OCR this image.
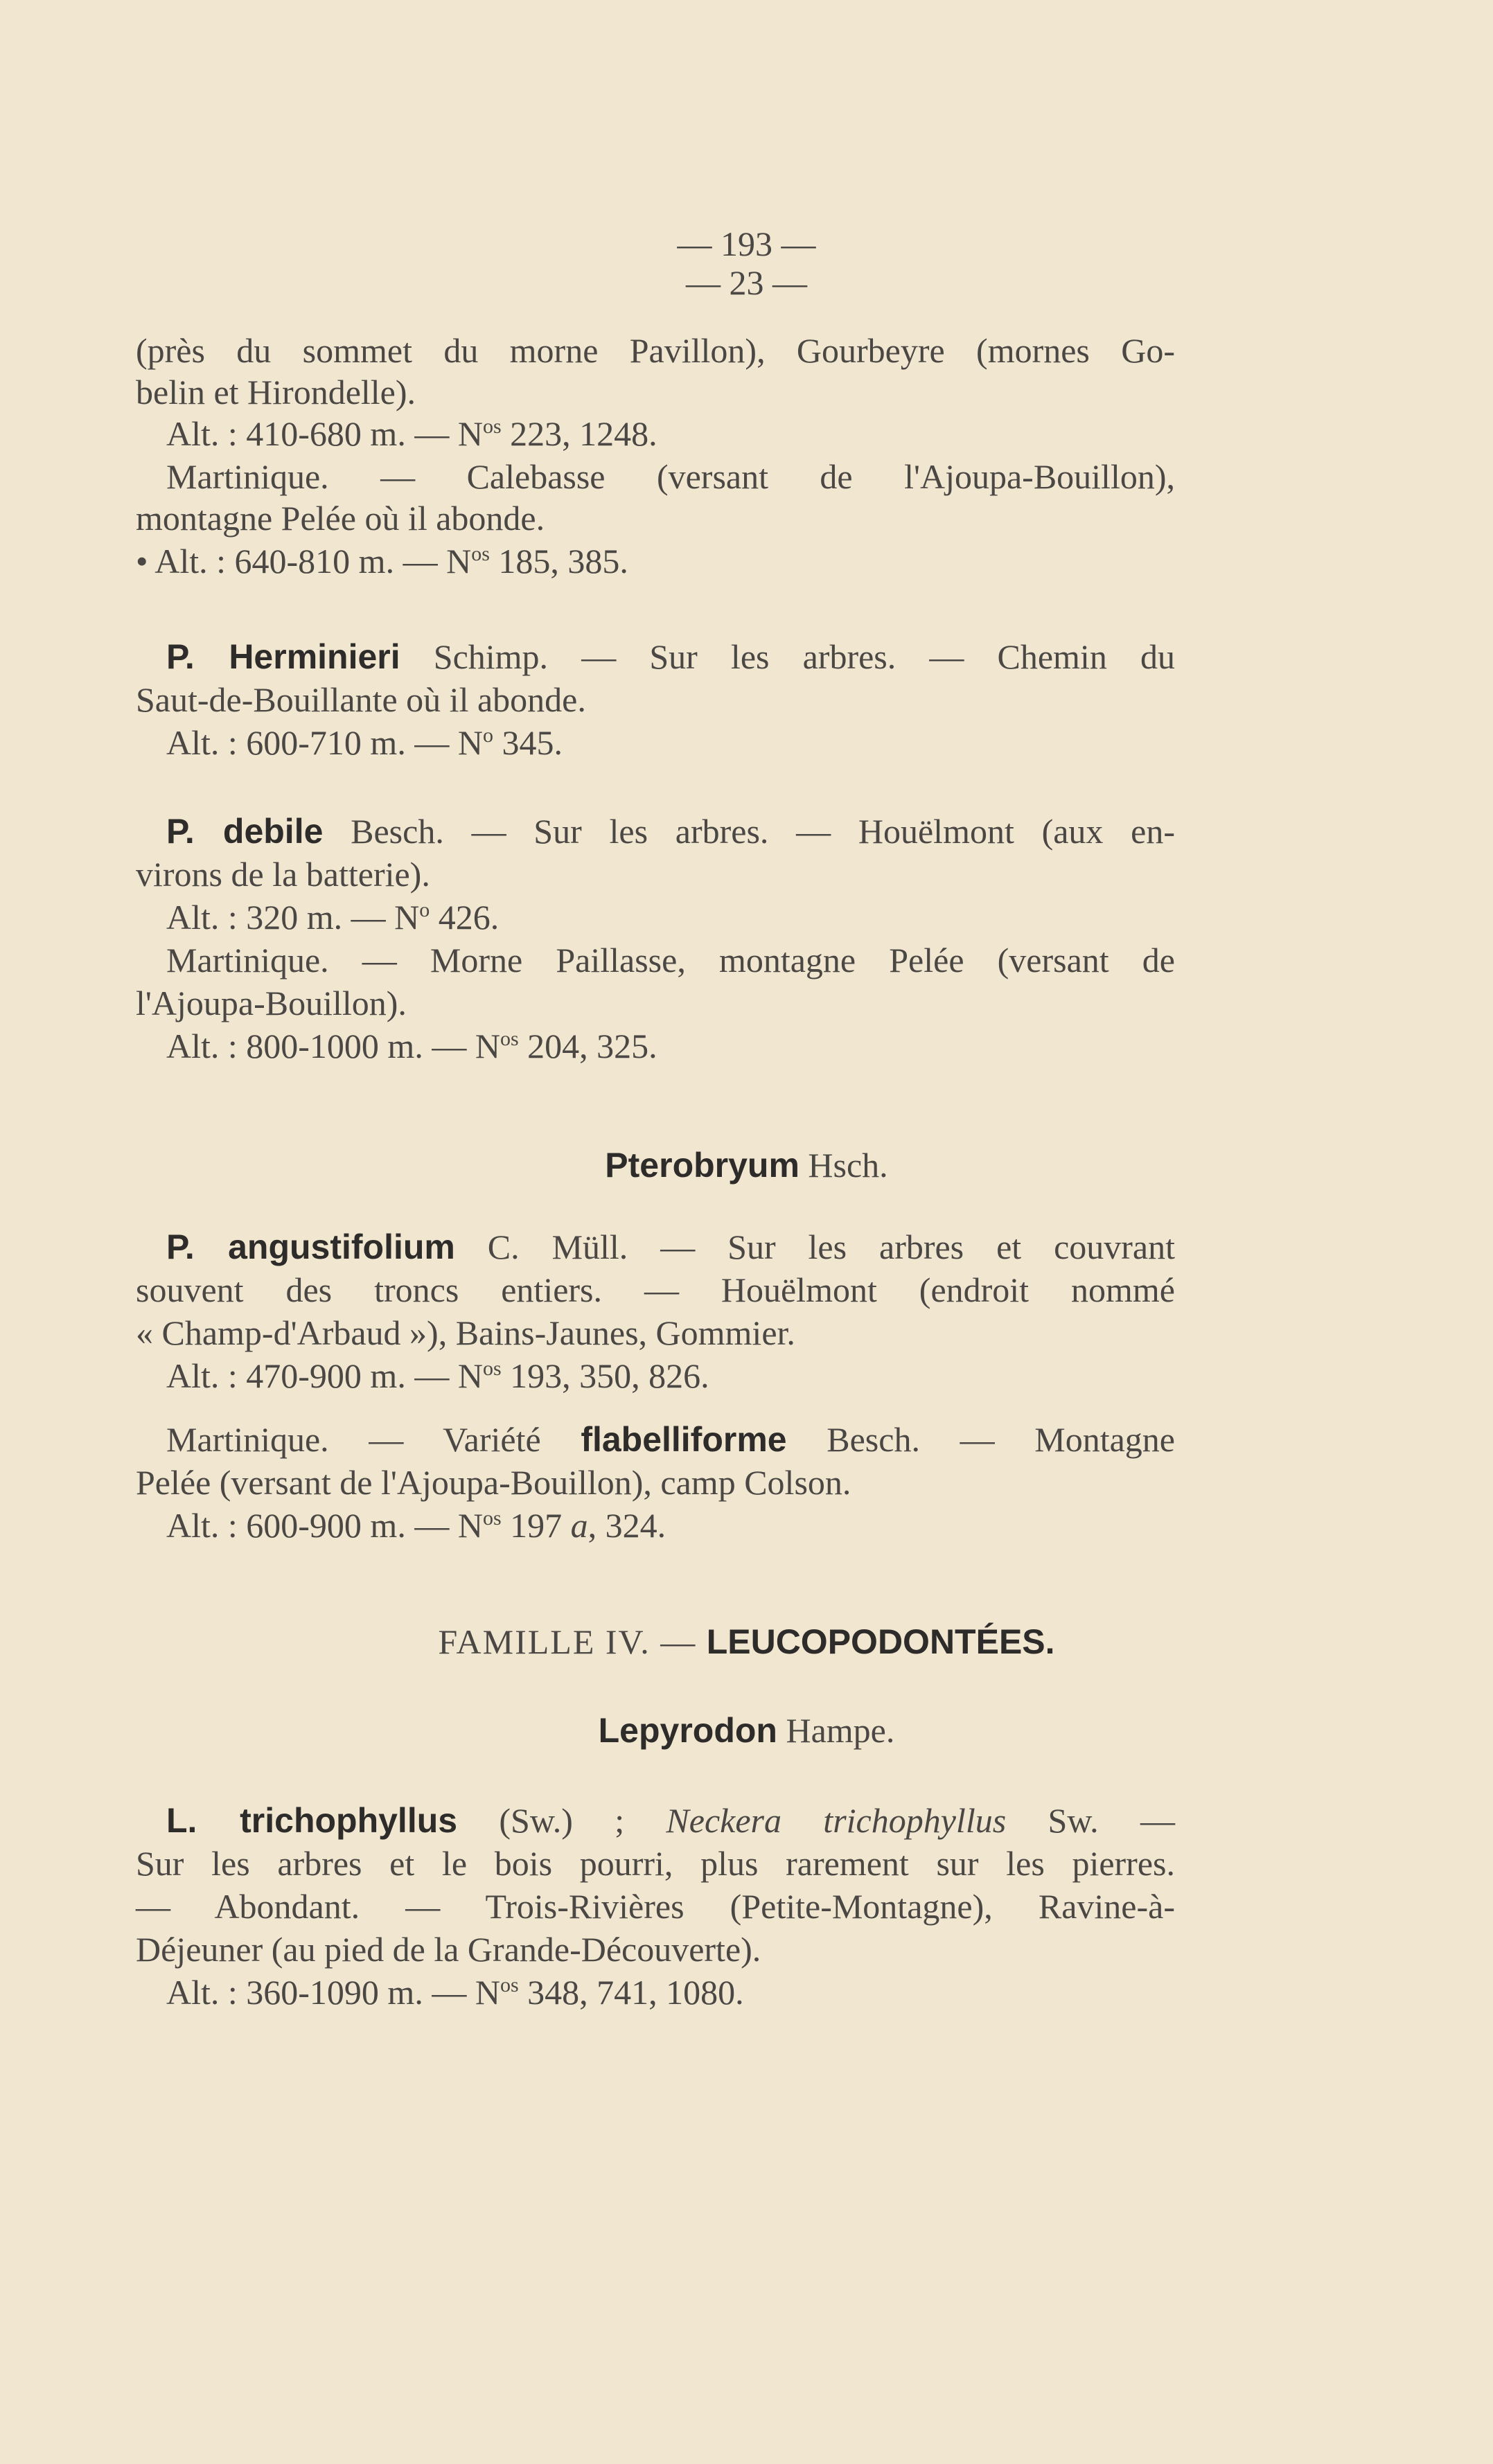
— 193 —
— 23 —
(près du sommet du morne Pavillon), Gourbeyre (mornes Go-
belin et Hirondelle).
Alt. : 410-680 m. — $N^{os}$ 223, 1248.
Martinique. — Calebasse (versant de l'Ajoupa-Bouillon),
montagne Pelée où il abonde.
• Alt. : 640-810 m. — $N^{os}$ 185, 385.
P. Herminieri Schimp. — Sur les arbres. — Chemin du
Saut-de-Bouillante où il abonde.
Alt. : 600-710 m. — $N^o$ 345.
P. debile Besch. — Sur les arbres. — Houëlmont (aux en-
virons de la batterie).
Alt. : 320 m. — $N^o$ 426.
Martinique. — Morne Paillasse, montagne Pelée (versant de
l'Ajoupa-Bouillon).
Alt. : 800-1000 m. — $N^{os}$ 204, 325.
Pterobryum Hsch.
P. angustifolium C. Müll. — Sur les arbres et couvrant
souvent des troncs entiers. — Houëlmont (endroit nommé
« Champ-d'Arbaud »), Bains-Jaunes, Gommier.
Alt. : 470-900 m. — $N^{os}$ 193, 350, 826.
Martinique. — Variété flabelliforme Besch. — Montagne
Pelée (versant de l'Ajoupa-Bouillon), camp Colson.
Alt. : 600-900 m. — $N^{os}$ 197 a, 324.
FAMILLE IV. — LEUCOPODONTÉES.
Lepyrodon Hampe.
L. trichophyllus (Sw.) ; Neckera trichophyllus Sw. —
Sur les arbres et le bois pourri, plus rarement sur les pierres.
— Abondant. — Trois-Rivières (Petite-Montagne), Ravine-à-
Déjeuner (au pied de la Grande-Découverte).
Alt. : 360-1090 m. — $N^{os}$ 348, 741, 1080.
